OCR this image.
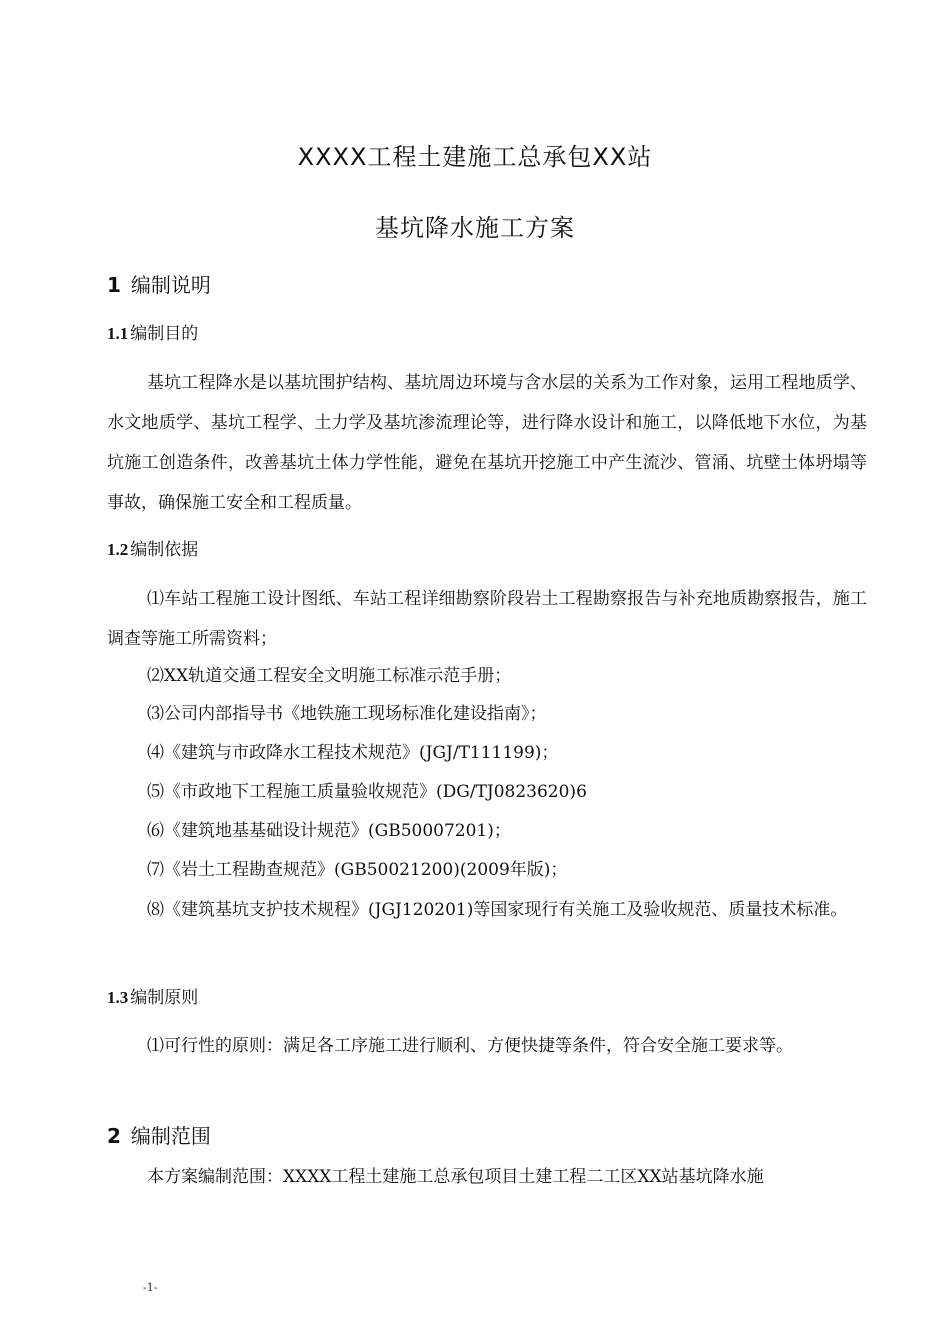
XXXX工程土建施工总承包XX站
基坑降水施工方案
1 编制说明
1.1 编制目的

基坑工程降水是以基坑围护结构、基坑周边环境与含水层的关系为工作对象，运用工程地质学、水文地质学、基坑工程学、土力学及基坑渗流理论等，进行降水设计和施工，以降低地下水位，为基坑施工创造条件，改善基坑土体力学性能，避免在基坑开挖施工中产生流沙、管涌、坑壁土体坍塌等事故，确保施工安全和工程质量。

1.2 编制依据

⑴车站工程施工设计图纸、车站工程详细勘察阶段岩土工程勘察报告与补充地质勘察报告，施工调查等施工所需资料；

⑵XX轨道交通工程安全文明施工标准示范手册；

⑶公司内部指导书《地铁施工现场标准化建设指南》；

⑷《建筑与市政降水工程技术规范》(JGJ/T111199)；

⑸《市政地下工程施工质量验收规范》(DG/TJ0823620)6

⑹《建筑地基基础设计规范》(GB50007201)；

⑺《岩土工程勘查规范》(GB50021200)(2009年版)；

⑻《建筑基坑支护技术规程》(JGJ120201)等国家现行有关施工及验收规范、质量技术标准。

1.3 编制原则

⑴可行性的原则：满足各工序施工进行顺利、方便快捷等条件，符合安全施工要求等。

2 编制范围

本方案编制范围：XXXX工程土建施工总承包项目土建工程二工区XX站基坑降水施

-1-
